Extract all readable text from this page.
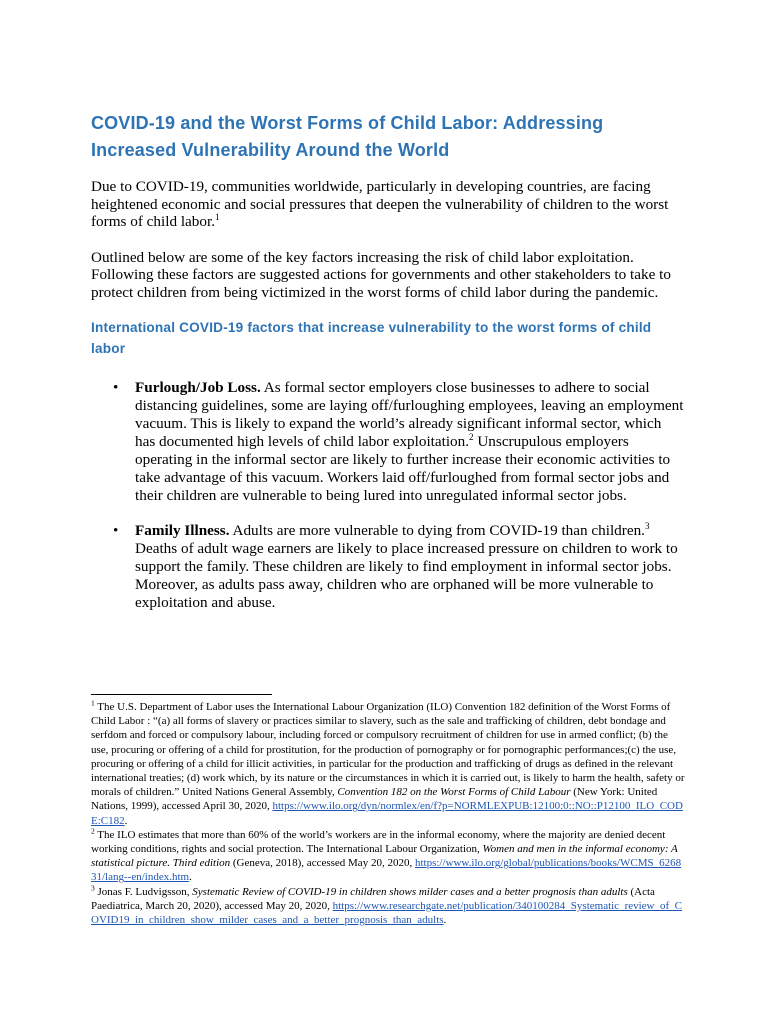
COVID-19 and the Worst Forms of Child Labor: Addressing Increased Vulnerability Around the World

Due to COVID-19, communities worldwide, particularly in developing countries, are facing heightened economic and social pressures that deepen the vulnerability of children to the worst forms of child labor.$^1$

Outlined below are some of the key factors increasing the risk of child labor exploitation. Following these factors are suggested actions for governments and other stakeholders to take to protect children from being victimized in the worst forms of child labor during the pandemic.

International COVID-19 factors that increase vulnerability to the worst forms of child labor
• Furlough/Job Loss. As formal sector employers close businesses to adhere to social distancing guidelines, some are laying off/furloughing employees, leaving an employment vacuum. This is likely to expand the world’s already significant informal sector, which has documented high levels of child labor exploitation.$^2$ Unscrupulous employers operating in the informal sector are likely to further increase their economic activities to take advantage of this vacuum. Workers laid off/furloughed from formal sector jobs and their children are vulnerable to being lured into unregulated informal sector jobs.
• Family Illness. Adults are more vulnerable to dying from COVID-19 than children.$^3$ Deaths of adult wage earners are likely to place increased pressure on children to work to support the family. These children are likely to find employment in informal sector jobs. Moreover, as adults pass away, children who are orphaned will be more vulnerable to exploitation and abuse.

$^1$ The U.S. Department of Labor uses the International Labour Organization (ILO) Convention 182 definition of the Worst Forms of Child Labor : “(a) all forms of slavery or practices similar to slavery, such as the sale and trafficking of children, debt bondage and serfdom and forced or compulsory labour, including forced or compulsory recruitment of children for use in armed conflict; (b) the use, procuring or offering of a child for prostitution, for the production of pornography or for pornographic performances;(c) the use, procuring or offering of a child for illicit activities, in particular for the production and trafficking of drugs as defined in the relevant international treaties; (d) work which, by its nature or the circumstances in which it is carried out, is likely to harm the health, safety or morals of children.” United Nations General Assembly, Convention 182 on the Worst Forms of Child Labour (New York: United Nations, 1999), accessed April 30, 2020, https://www.ilo.org/dyn/normlex/en/f?p=NORMLEXPUB:12100:0::NO::P12100_ILO_CODE:C182.

$^2$ The ILO estimates that more than 60% of the world’s workers are in the informal economy, where the majority are denied decent working conditions, rights and social protection. The International Labour Organization, Women and men in the informal economy: A statistical picture. Third edition (Geneva, 2018), accessed May 20, 2020, https://www.ilo.org/global/publications/books/WCMS_626831/lang--en/index.htm.

$^3$ Jonas F. Ludvigsson, Systematic Review of COVID-19 in children shows milder cases and a better prognosis than adults (Acta Paediatrica, March 20, 2020), accessed May 20, 2020, https://www.researchgate.net/publication/340100284_Systematic_review_of_COVID19_in_children_show_milder_cases_and_a_better_prognosis_than_adults.
